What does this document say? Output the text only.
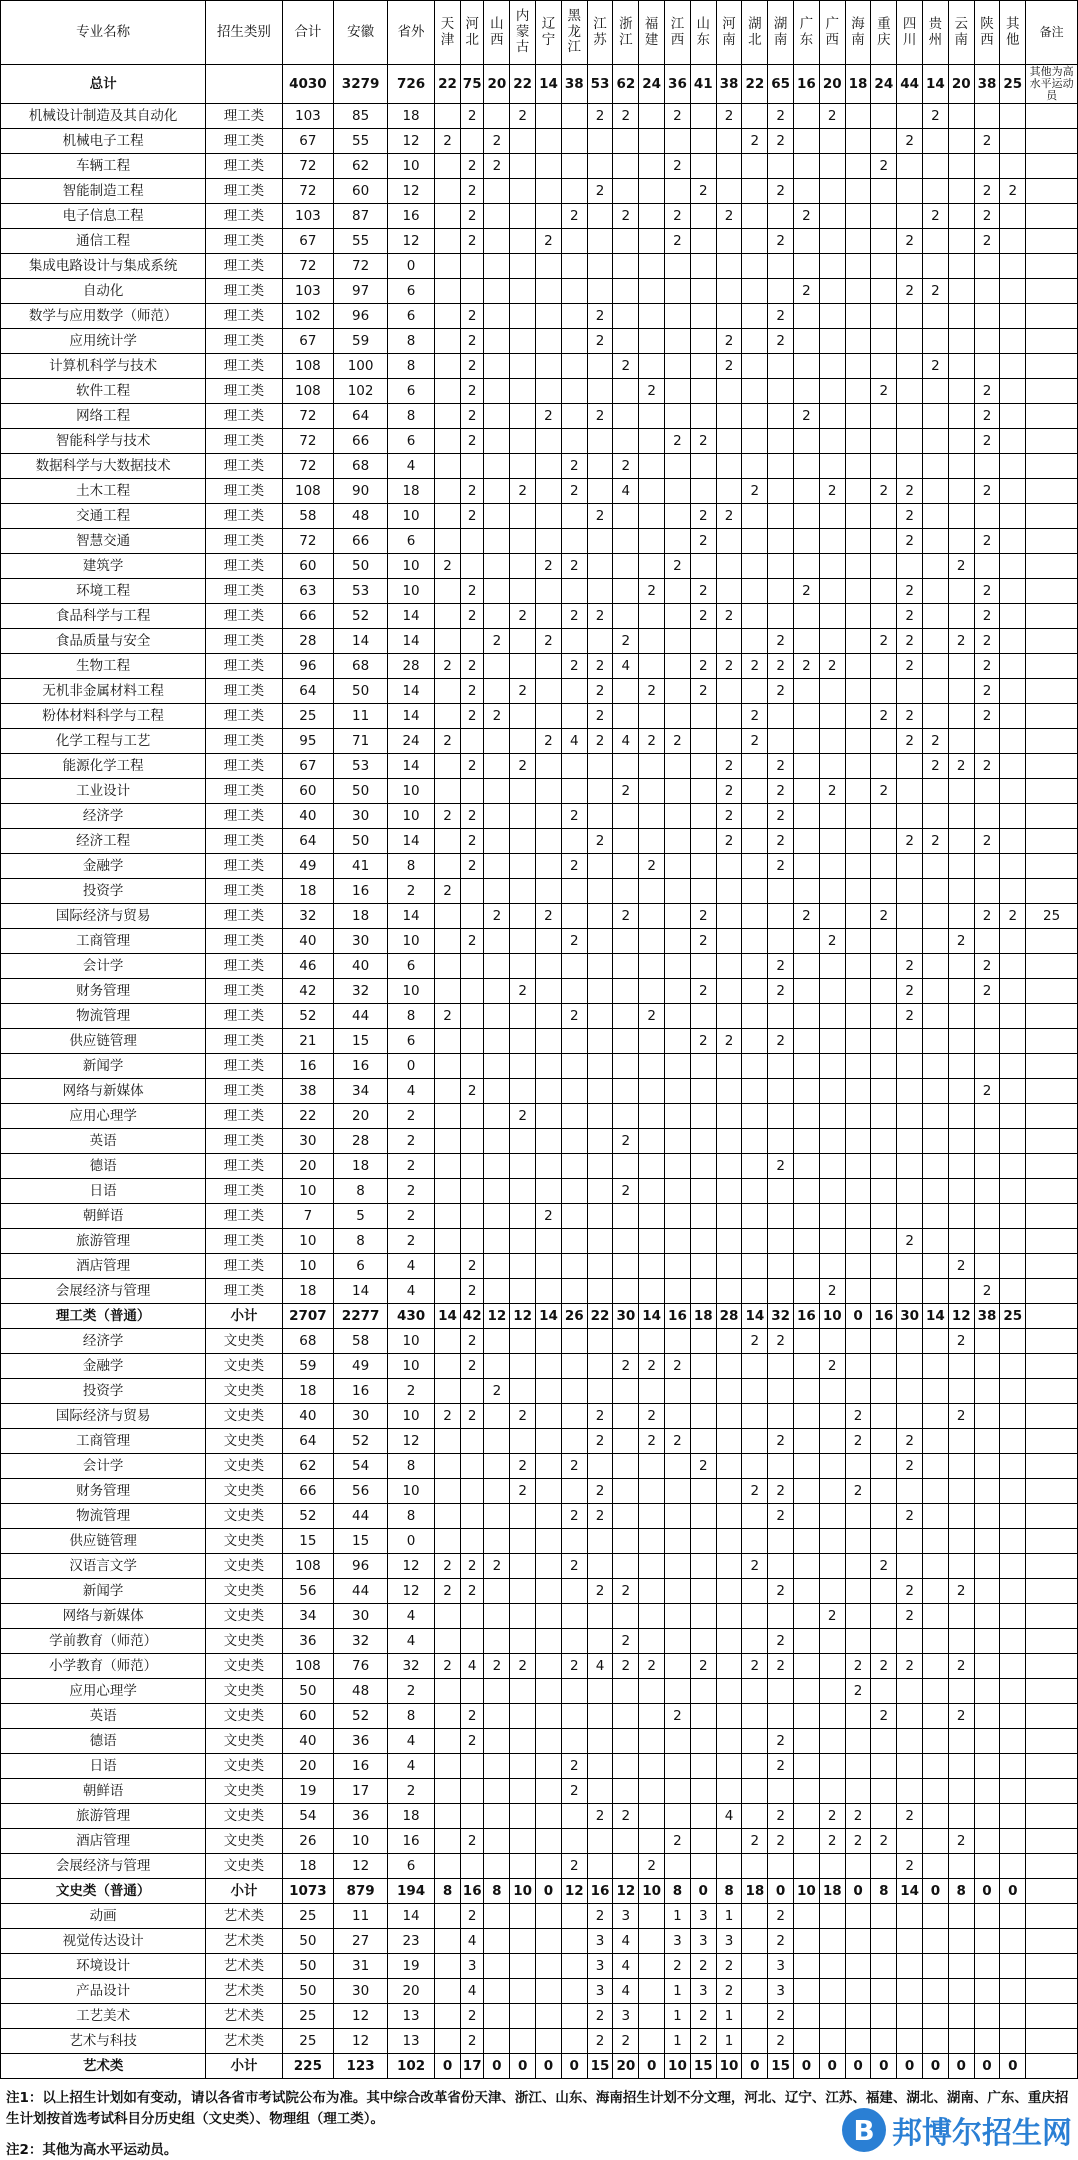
专业名称	招生类别	合计	安徽	省外	天津	河北	山西	内蒙古	辽宁	黑龙江	江苏	浙江	福建	江西	山东	河南	湖北	湖南	广东	广西	海南	重庆	四川	贵州	云南	陕西	其他	备注
总计		4030	3279	726	22	75	20	22	14	38	53	62	24	36	41	38	22	65	16	20	18	24	44	14	20	38	25	其他为高水平运动员
机械设计制造及其自动化	理工类	103	85	18		2		2			2	2		2		2		2		2				2				
机械电子工程	理工类	67	55	12	2		2										2	2					2			2		
车辆工程	理工类	72	62	10		2	2							2								2						
智能制造工程	理工类	72	60	12		2					2				2			2								2	2	
电子信息工程	理工类	103	87	16		2				2		2		2		2			2					2		2		
通信工程	理工类	67	55	12		2			2					2				2					2			2		
集成电路设计与集成系统	理工类	72	72	0																								
自动化	理工类	103	97	6															2				2	2				
数学与应用数学（师范）	理工类	102	96	6		2					2							2										
应用统计学	理工类	67	59	8		2					2					2		2										
计算机科学与技术	理工类	108	100	8		2						2				2								2				
软件工程	理工类	108	102	6		2							2									2				2		
网络工程	理工类	72	64	8		2			2		2								2							2		
智能科学与技术	理工类	72	66	6		2								2	2											2		
数据科学与大数据技术	理工类	72	68	4						2		2																
土木工程	理工类	108	90	18		2		2		2		4					2			2		2	2			2		
交通工程	理工类	58	48	10		2					2				2	2							2					
智慧交通	理工类	72	66	6											2								2			2		
建筑学	理工类	60	50	10	2				2	2				2											2			
环境工程	理工类	63	53	10		2							2		2				2				2			2		
食品科学与工程	理工类	66	52	14		2		2		2	2				2	2							2			2		
食品质量与安全	理工类	28	14	14			2		2			2						2				2	2		2	2		
生物工程	理工类	96	68	28	2	2				2	2	4			2	2	2	2	2	2			2			2		
无机非金属材料工程	理工类	64	50	14		2		2			2		2		2			2								2		
粉体材料科学与工程	理工类	25	11	14		2	2				2						2					2	2			2		
化学工程与工艺	理工类	95	71	24	2				2	4	2	4	2	2			2						2	2				
能源化学工程	理工类	67	53	14		2		2								2		2						2	2	2		
工业设计	理工类	60	50	10								2				2		2		2		2						
经济学	理工类	40	30	10	2	2				2						2		2										
经济工程	理工类	64	50	14		2					2					2		2					2	2		2		
金融学	理工类	49	41	8		2				2			2					2										
投资学	理工类	18	16	2	2																							
国际经济与贸易	理工类	32	18	14			2		2			2			2				2			2				2	2	25
工商管理	理工类	40	30	10		2				2					2					2					2			
会计学	理工类	46	40	6														2					2			2		
财务管理	理工类	42	32	10				2							2			2					2			2		
物流管理	理工类	52	44	8	2					2			2										2					
供应链管理	理工类	21	15	6											2	2		2										
新闻学	理工类	16	16	0																								
网络与新媒体	理工类	38	34	4		2																				2		
应用心理学	理工类	22	20	2				2																				
英语	理工类	30	28	2								2																
德语	理工类	20	18	2														2										
日语	理工类	10	8	2								2																
朝鲜语	理工类	7	5	2					2																			
旅游管理	理工类	10	8	2																			2					
酒店管理	理工类	10	6	4		2																			2			
会展经济与管理	理工类	18	14	4		2														2						2		
理工类（普通）	小计	2707	2277	430	14	42	12	12	14	26	22	30	14	16	18	28	14	32	16	10	0	16	30	14	12	38	25	
经济学	文史类	68	58	10		2											2	2							2			
金融学	文史类	59	49	10		2						2	2	2						2								
投资学	文史类	18	16	2			2																					
国际经济与贸易	文史类	40	30	10	2	2		2			2		2								2				2			
工商管理	文史类	64	52	12							2		2	2				2			2		2					
会计学	文史类	62	54	8				2		2					2								2					
财务管理	文史类	66	56	10				2			2						2	2			2							
物流管理	文史类	52	44	8						2	2							2					2					
供应链管理	文史类	15	15	0																								
汉语言文学	文史类	108	96	12	2	2	2			2							2					2						
新闻学	文史类	56	44	12	2	2					2	2						2					2		2			
网络与新媒体	文史类	34	30	4																2			2					
学前教育（师范）	文史类	36	32	4								2						2										
小学教育（师范）	文史类	108	76	32	2	4	2	2		2	4	2	2		2		2	2			2	2	2		2			
应用心理学	文史类	50	48	2																	2							
英语	文史类	60	52	8		2								2								2			2			
德语	文史类	40	36	4		2												2										
日语	文史类	20	16	4						2								2										
朝鲜语	文史类	19	17	2						2																		
旅游管理	文史类	54	36	18							2	2				4		2		2	2		2					
酒店管理	文史类	26	10	16		2								2			2	2		2	2	2			2			
会展经济与管理	文史类	18	12	6						2			2										2					
文史类（普通）	小计	1073	879	194	8	16	8	10	0	12	16	12	10	8	0	8	18	0	10	18	0	8	14	0	8	0	0	
动画	艺术类	25	11	14		2					2	3		1	3	1		2										
视觉传达设计	艺术类	50	27	23		4					3	4		3	3	3		2										
环境设计	艺术类	50	31	19		3					3	4		2	2	2		3										
产品设计	艺术类	50	30	20		4					3	4		1	3	2		3										
工艺美术	艺术类	25	12	13		2					2	3		1	2	1		2										
艺术与科技	艺术类	25	12	13		2					2	2		1	2	1		2										
艺术类	小计	225	123	102	0	17	0	0	0	0	15	20	0	10	15	10	0	15	0	0	0	0	0	0	0	0	0	
注1：以上招生计划如有变动，请以各省市考试院公布为准。其中综合改革省份天津、浙江、山东、海南招生计划不分文理，河北、辽宁、江苏、福建、湖北、湖南、广东、重庆招生计划按首选考试科目分历史组（文史类）、物理组（理工类）。
注2：其他为高水平运动员。
B 邦博尔招生网
